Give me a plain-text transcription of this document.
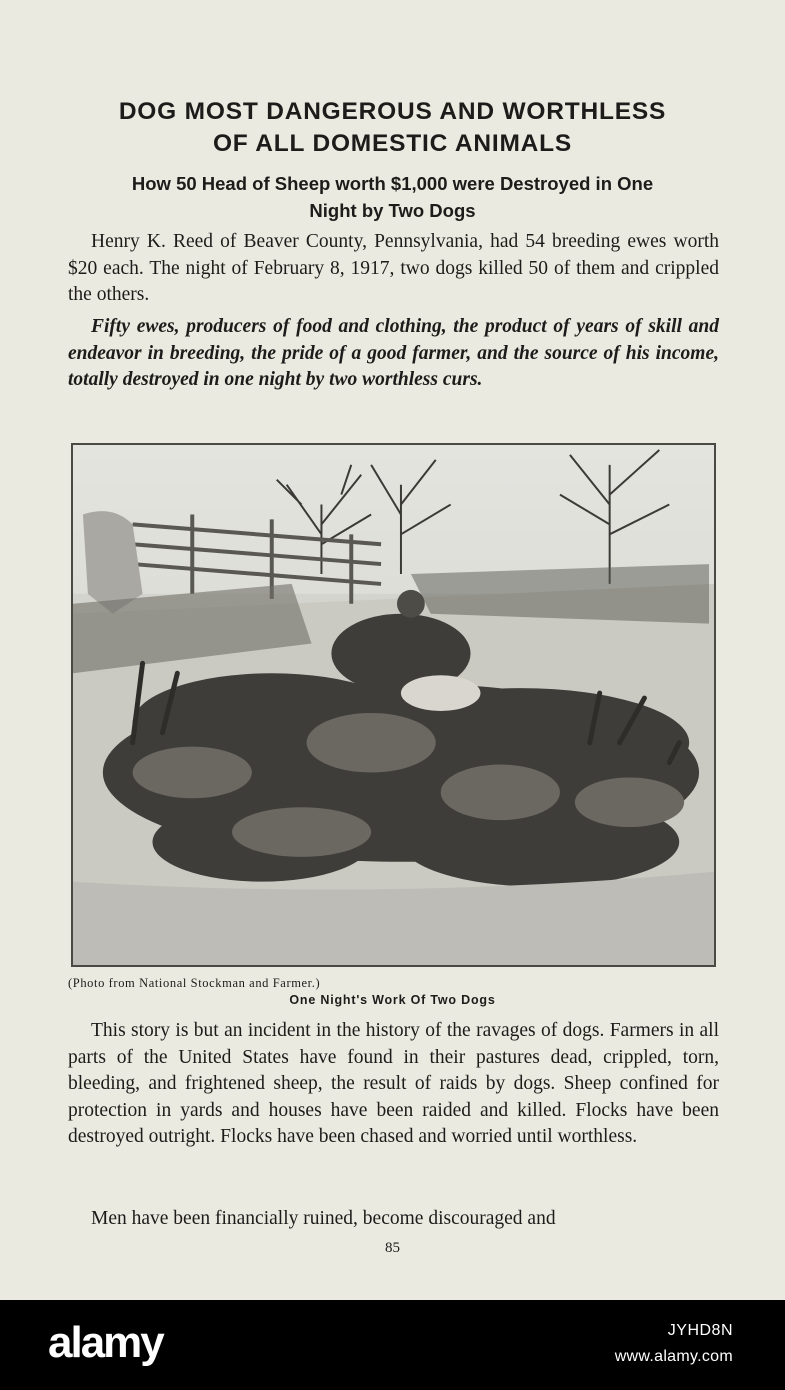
DOG MOST DANGEROUS AND WORTHLESS
OF ALL DOMESTIC ANIMALS
How 50 Head of Sheep worth $1,000 were Destroyed in One
Night by Two Dogs

Henry K. Reed of Beaver County, Pennsylvania, had 54 breeding ewes worth $20 each. The night of February 8, 1917, two dogs killed 50 of them and crippled the others.

Fifty ewes, producers of food and clothing, the product of years of skill and endeavor in breeding, the pride of a good farmer, and the source of his income, totally destroyed in one night by two worthless curs.

(Photo from National Stockman and Farmer.)

One Night's Work Of Two Dogs

This story is but an incident in the history of the ravages of dogs. Farmers in all parts of the United States have found in their pastures dead, crippled, torn, bleeding, and frightened sheep, the result of raids by dogs. Sheep confined for protection in yards and houses have been raided and killed. Flocks have been destroyed outright. Flocks have been chased and worried until worthless.

Men have been financially ruined, become discouraged and

85

alamy	JYHD8N
www.alamy.com
